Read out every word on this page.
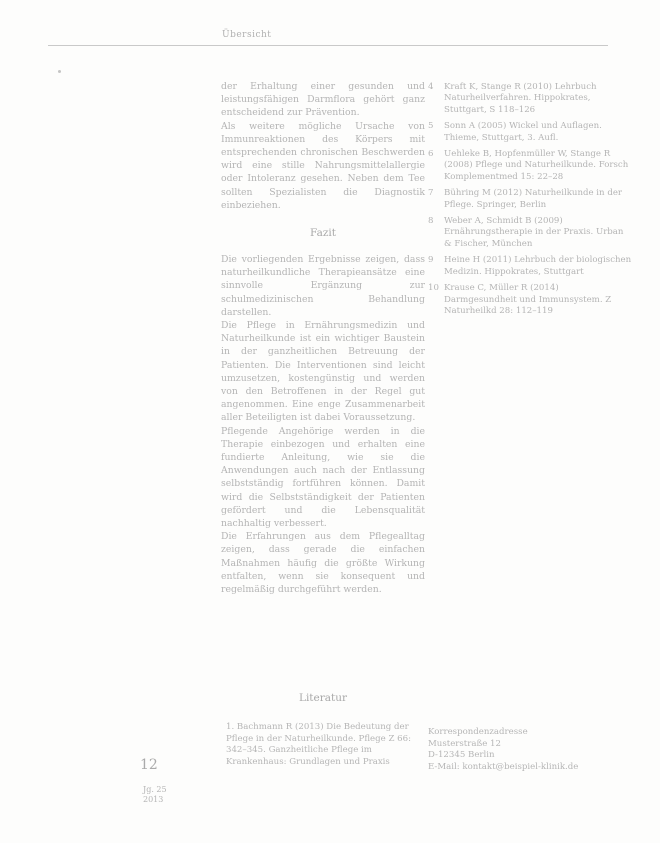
Übersicht

der Erhaltung einer gesunden und leistungsfähigen Darmflora gehört ganz entscheidend zur Prävention.

Als weitere mögliche Ursache von Immunreaktionen des Körpers mit entsprechenden chronischen Beschwerden wird eine stille Nahrungsmittelallergie oder Intoleranz gesehen. Neben dem Tee sollten Spezialisten die Diagnostik einbeziehen.

Fazit

Die vorliegenden Ergebnisse zeigen, dass naturheilkundliche Therapieansätze eine sinnvolle Ergänzung zur schulmedizinischen Behandlung darstellen.

Die Pflege in Ernährungsmedizin und Naturheilkunde ist ein wichtiger Baustein in der ganzheitlichen Betreuung der Patienten. Die Interventionen sind leicht umzusetzen, kostengünstig und werden von den Betroffenen in der Regel gut angenommen. Eine enge Zusammenarbeit aller Beteiligten ist dabei Voraussetzung.

Pflegende Angehörige werden in die Therapie einbezogen und erhalten eine fundierte Anleitung, wie sie die Anwendungen auch nach der Entlassung selbstständig fortführen können. Damit wird die Selbstständigkeit der Patienten gefördert und die Lebensqualität nachhaltig verbessert.

Die Erfahrungen aus dem Pflegealltag zeigen, dass gerade die einfachen Maßnahmen häufig die größte Wirkung entfalten, wenn sie konsequent und regelmäßig durchgeführt werden.

4	Kraft K, Stange R (2010) Lehrbuch Naturheilverfahren. Hippokrates, Stuttgart, S 118–126
5	Sonn A (2005) Wickel und Auflagen. Thieme, Stuttgart, 3. Aufl.
6	Uehleke B, Hopfenmüller W, Stange R (2008) Pflege und Naturheilkunde. Forsch Komplementmed 15: 22–28
7	Bühring M (2012) Naturheilkunde in der Pflege. Springer, Berlin
8	Weber A, Schmidt B (2009) Ernährungstherapie in der Praxis. Urban & Fischer, München
9	Heine H (2011) Lehrbuch der biologischen Medizin. Hippokrates, Stuttgart
10 Krause C, Müller R (2014) Darmgesundheit und Immunsystem. Z Naturheilkd 28: 112–119
Literatur
1. Bachmann R (2013) Die Bedeutung der Pflege in der Naturheilkunde. Pflege Z 66: 342–345. Ganzheitliche Pflege im Krankenhaus: Grundlagen und Praxis
Korrespondenzadresse
Musterstraße 12
D-12345 Berlin
E-Mail: kontakt@beispiel-klinik.de
12
Jg. 25
2013
